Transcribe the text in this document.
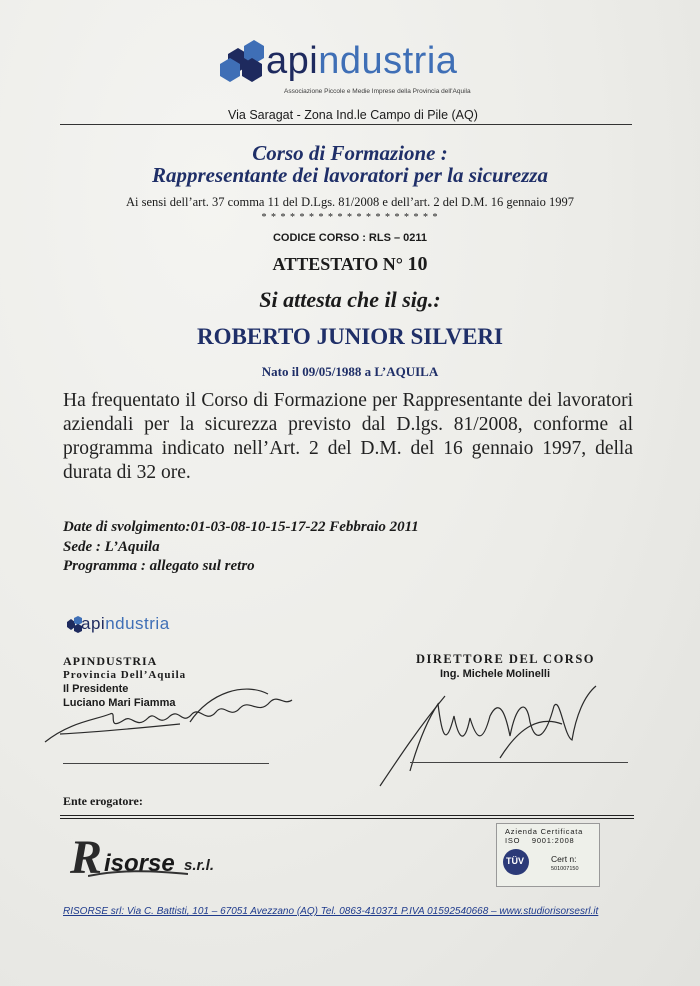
apindustria
Associazione Piccole e Medie Imprese della Provincia dell'Aquila
Via Saragat - Zona Ind.le Campo di Pile (AQ)
Corso di Formazione :
Rappresentante dei lavoratori per la sicurezza
Ai sensi dell’art. 37 comma 11 del D.Lgs. 81/2008 e dell’art. 2 del D.M. 16 gennaio 1997
* * * * * * * * * * * * * * * * * * *
CODICE CORSO : RLS – 0211
ATTESTATO N° 10
Si attesta che il sig.:
ROBERTO JUNIOR SILVERI
Nato il 09/05/1988 a L’AQUILA
Ha frequentato il Corso di Formazione per Rappresentante dei lavoratori aziendali per la sicurezza previsto dal D.lgs. 81/2008, conforme al programma indicato nell’Art. 2 del D.M. del 16 gennaio 1997, della durata di 32 ore.
Date di svolgimento:01-03-08-10-15-17-22 Febbraio 2011
Sede : L’Aquila
Programma : allegato sul retro
apindustria
APINDUSTRIA
Provincia Dell’Aquila
Il Presidente
Luciano Mari Fiamma
DIRETTORE DEL CORSO
Ing. Michele Molinelli
Ente erogatore:
R isorse s.r.l.
Azienda Certificata
ISO    9001:2008
TÜV	Cert n:
501007150
RISORSE srl: Via C. Battisti, 101 – 67051 Avezzano (AQ) Tel. 0863-410371 P.IVA 01592540668 – www.studiorisorsesrl.it
